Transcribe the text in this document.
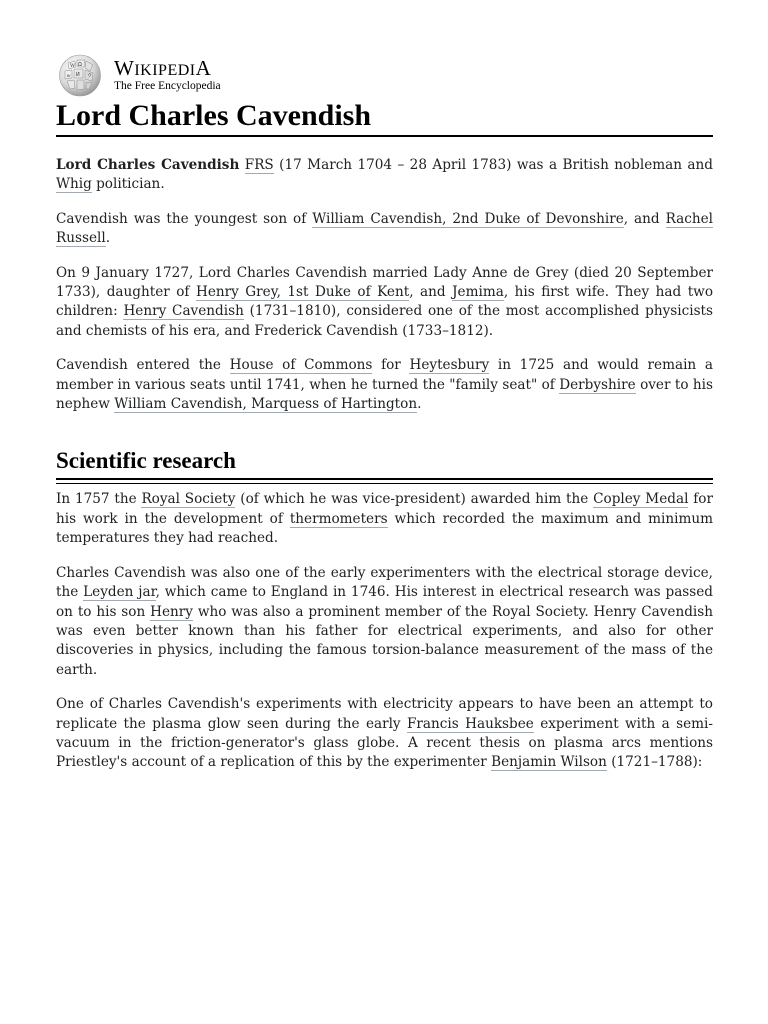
W Ω
И ウ
ש WIKIPEDIA
The Free Encyclopedia
Lord Charles Cavendish

Lord Charles Cavendish FRS (17 March 1704 – 28 April 1783) was a British nobleman and Whig politician.

Cavendish was the youngest son of William Cavendish, 2nd Duke of Devonshire, and Rachel Russell.

On 9 January 1727, Lord Charles Cavendish married Lady Anne de Grey (died 20 September 1733), daughter of Henry Grey, 1st Duke of Kent, and Jemima, his first wife. They had two children: Henry Cavendish (1731–1810), considered one of the most accomplished physicists and chemists of his era, and Frederick Cavendish (1733–1812).

Cavendish entered the House of Commons for Heytesbury in 1725 and would remain a member in various seats until 1741, when he turned the "family seat" of Derbyshire over to his nephew William Cavendish, Marquess of Hartington.

Scientific research

In 1757 the Royal Society (of which he was vice-president) awarded him the Copley Medal for his work in the development of thermometers which recorded the maximum and minimum temperatures they had reached.

Charles Cavendish was also one of the early experimenters with the electrical storage device, the Leyden jar, which came to England in 1746. His interest in electrical research was passed on to his son Henry who was also a prominent member of the Royal Society. Henry Cavendish was even better known than his father for electrical experiments, and also for other discoveries in physics, including the famous torsion-balance measurement of the mass of the earth.

One of Charles Cavendish's experiments with electricity appears to have been an attempt to replicate the plasma glow seen during the early Francis Hauksbee experiment with a semi-vacuum in the friction-generator's glass globe. A recent thesis on plasma arcs mentions Priestley's account of a replication of this by the experimenter Benjamin Wilson (1721–1788):
